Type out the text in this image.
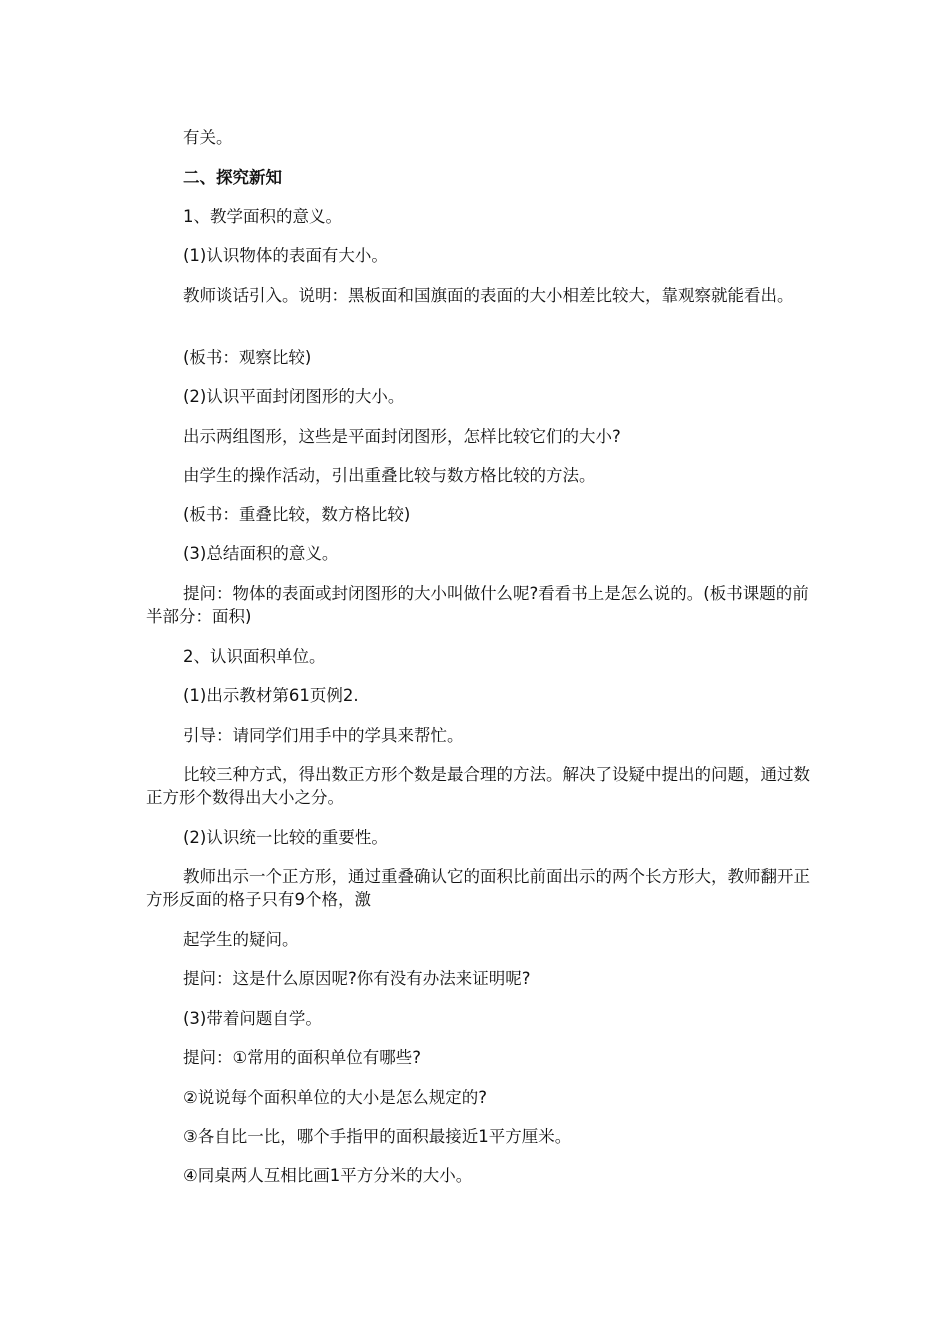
有关。

二、探究新知

1、教学面积的意义。

(1)认识物体的表面有大小。

教师谈话引入。说明：黑板面和国旗面的表面的大小相差比较大，靠观察就能看出。

(板书：观察比较)

(2)认识平面封闭图形的大小。

出示两组图形，这些是平面封闭图形，怎样比较它们的大小?

由学生的操作活动，引出重叠比较与数方格比较的方法。

(板书：重叠比较，数方格比较)

(3)总结面积的意义。

提问：物体的表面或封闭图形的大小叫做什么呢?看看书上是怎么说的。(板书课题的前半部分：面积)

2、认识面积单位。

(1)出示教材第61页例2.

引导：请同学们用手中的学具来帮忙。

比较三种方式，得出数正方形个数是最合理的方法。解决了设疑中提出的问题，通过数正方形个数得出大小之分。

(2)认识统一比较的重要性。

教师出示一个正方形，通过重叠确认它的面积比前面出示的两个长方形大，教师翻开正方形反面的格子只有9个格，激

起学生的疑问。

提问：这是什么原因呢?你有没有办法来证明呢?

(3)带着问题自学。

提问：①常用的面积单位有哪些?

②说说每个面积单位的大小是怎么规定的?

③各自比一比，哪个手指甲的面积最接近1平方厘米。

④同桌两人互相比画1平方分米的大小。
